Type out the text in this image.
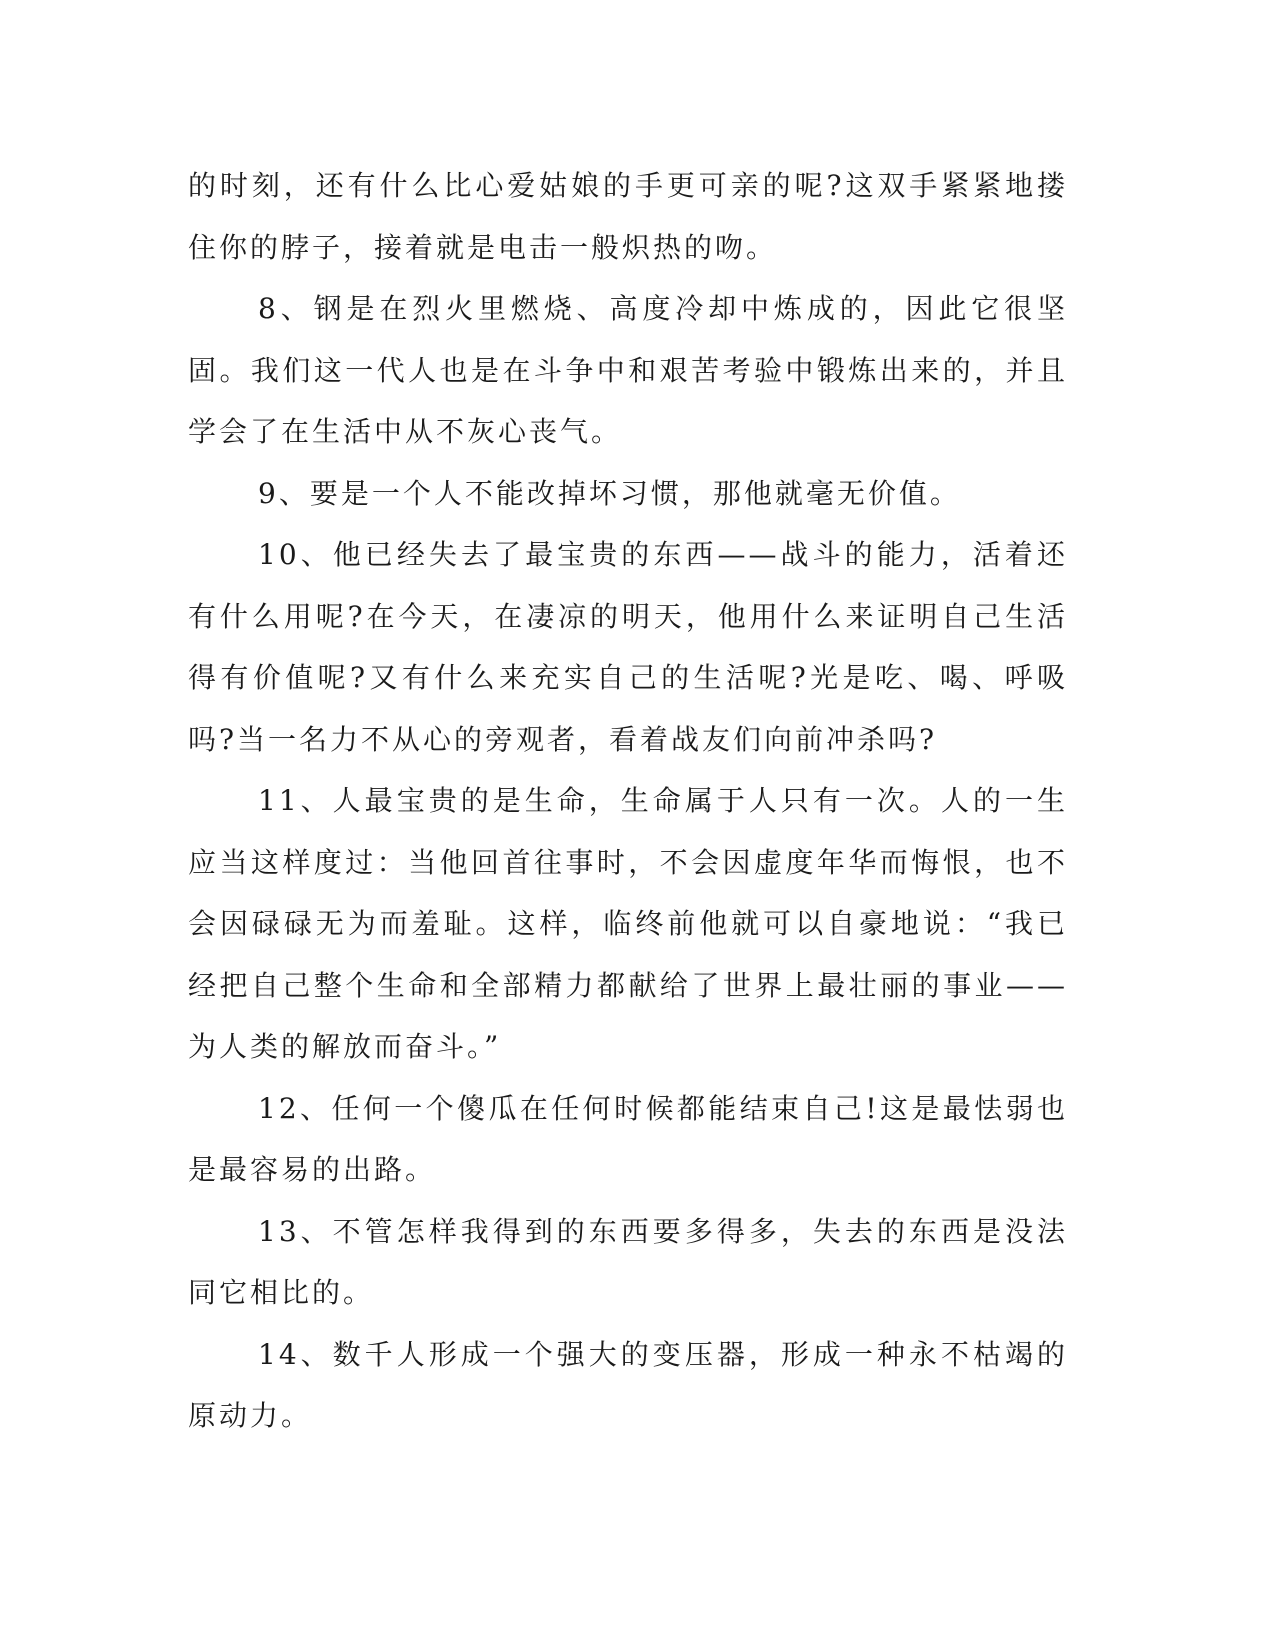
的时刻，还有什么比心爱姑娘的手更可亲的呢?这双手紧紧地搂住你的脖子，接着就是电击一般炽热的吻。

8、钢是在烈火里燃烧、高度冷却中炼成的，因此它很坚固。我们这一代人也是在斗争中和艰苦考验中锻炼出来的，并且学会了在生活中从不灰心丧气。

9、要是一个人不能改掉坏习惯，那他就毫无价值。

10、他已经失去了最宝贵的东西——战斗的能力，活着还有什么用呢?在今天，在凄凉的明天，他用什么来证明自己生活得有价值呢?又有什么来充实自己的生活呢?光是吃、喝、呼吸吗?当一名力不从心的旁观者，看着战友们向前冲杀吗?

11、人最宝贵的是生命，生命属于人只有一次。人的一生应当这样度过：当他回首往事时，不会因虚度年华而悔恨，也不会因碌碌无为而羞耻。这样，临终前他就可以自豪地说：“我已经把自己整个生命和全部精力都献给了世界上最壮丽的事业——为人类的解放而奋斗。”

12、任何一个傻瓜在任何时候都能结束自己!这是最怯弱也是最容易的出路。

13、不管怎样我得到的东西要多得多，失去的东西是没法同它相比的。

14、数千人形成一个强大的变压器，形成一种永不枯竭的原动力。
